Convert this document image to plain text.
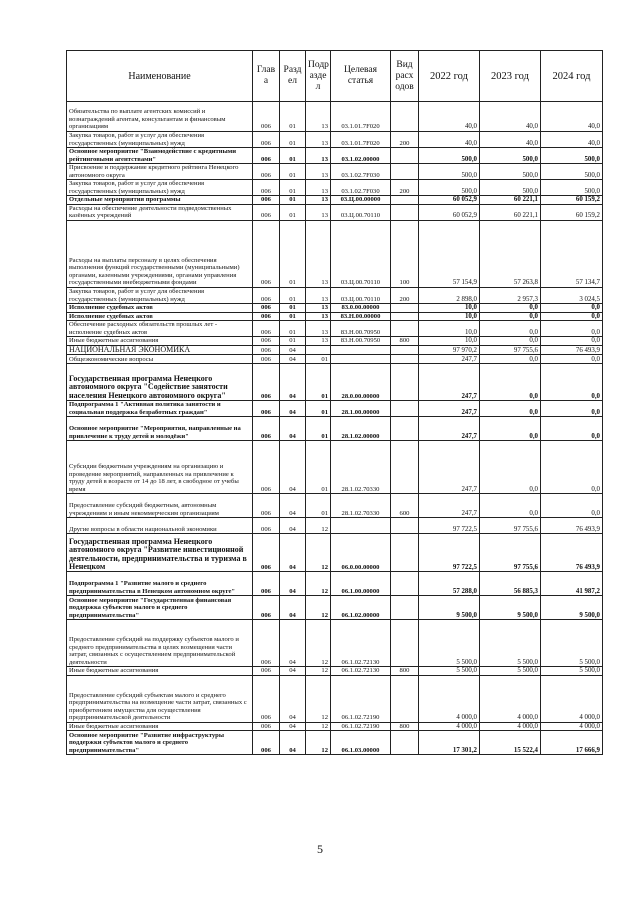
Наименование	Глав а	Разд ел	Подр азде л	Целевая статья	Вид расх одов	2022 год	2023 год	2024 год
Обязательства по выплате агентских комиссий и вознаграждений агентам, консультантам и финансовым организациям	006	01	13	03.1.01.7F020		40,0	40,0	40,0
Закупка товаров, работ и услуг для обеспечения государственных (муниципальных) нужд	006	01	13	03.1.01.7F020	200	40,0	40,0	40,0
Основное мероприятие "Взаимодействие с кредитными рейтинговыми агентствами"	006	01	13	03.1.02.00000		500,0	500,0	500,0
Присвоение и поддержание кредитного рейтинга Ненецкого автономного округа	006	01	13	03.1.02.7F030		500,0	500,0	500,0
Закупка товаров, работ и услуг для обеспечения государственных (муниципальных) нужд	006	01	13	03.1.02.7F030	200	500,0	500,0	500,0
Отдельные мероприятия программы	006	01	13	03.Ц.00.00000		60 052,9	60 221,1	60 159,2
Расходы на обеспечение деятельности подведомственных казённых учреждений	006	01	13	03.Ц.00.70110		60 052,9	60 221,1	60 159,2
Расходы на выплаты персоналу в целях обеспечения выполнения функций государственными (муниципальными) органами, казенными учреждениями, органами управления государственными внебюджетными фондами	006	01	13	03.Ц.00.70110	100	57 154,9	57 263,8	57 134,7
Закупка товаров, работ и услуг для обеспечения государственных (муниципальных) нужд	006	01	13	03.Ц.00.70110	200	2 898,0	2 957,3	3 024,5
Исполнение судебных актов	006	01	13	83.0.00.00000		10,0	0,0	0,0
Исполнение судебных актов	006	01	13	83.Н.00.00000		10,0	0,0	0,0
Обеспечение расходных обязательств прошлых лет - исполнение судебных актов	006	01	13	83.Н.00.70950		10,0	0,0	0,0
Иные бюджетные ассигнования	006	01	13	83.Н.00.70950	800	10,0	0,0	0,0
НАЦИОНАЛЬНАЯ ЭКОНОМИКА	006	04				97 970,2	97 755,6	76 493,9
Общеэкономические вопросы	006	04	01			247,7	0,0	0,0
Государственная программа Ненецкого автономного округа "Содействие занятости населения Ненецкого автономного округа"	006	04	01	28.0.00.00000		247,7	0,0	0,0
Подпрограмма 1 "Активная политика занятости и социальная поддержка безработных граждан"	006	04	01	28.1.00.00000		247,7	0,0	0,0
Основное мероприятие "Мероприятия, направленные на привлечение к труду детей и молодёжи"	006	04	01	28.1.02.00000		247,7	0,0	0,0
Субсидии бюджетным учреждениям на организацию и проведение мероприятий, направленных на привлечение к труду детей в возрасте от 14 до 18 лет, в свободное от учебы время	006	04	01	28.1.02.70330		247,7	0,0	0,0
Предоставление субсидий бюджетным, автономным учреждениям и иным некоммерческим организациям	006	04	01	28.1.02.70330	600	247,7	0,0	0,0
Другие вопросы в области национальной экономики	006	04	12			97 722,5	97 755,6	76 493,9
Государственная программа Ненецкого автономного округа "Развитие инвестиционной деятельности, предпринимательства и туризма в Ненецком	006	04	12	06.0.00.00000		97 722,5	97 755,6	76 493,9
Подпрограмма 1 "Развитие малого и среднего предпринимательства в Ненецком автономном округе"	006	04	12	06.1.00.00000		57 288,0	56 885,3	41 987,2
Основное мероприятие "Государственная финансовая поддержка субъектов малого и среднего предпринимательства"	006	04	12	06.1.02.00000		9 500,0	9 500,0	9 500,0
Предоставление субсидий на поддержку субъектов малого и среднего предпринимательства в целях возмещения части затрат, связанных с осуществлением предпринимательской деятельности	006	04	12	06.1.02.72130		5 500,0	5 500,0	5 500,0
Иные бюджетные ассигнования	006	04	12	06.1.02.72130	800	5 500,0	5 500,0	5 500,0
Предоставление субсидий субъектам малого и среднего предпринимательства на возмещение части затрат, связанных с приобретением имущества для осуществления предпринимательской деятельности	006	04	12	06.1.02.72190		4 000,0	4 000,0	4 000,0
Иные бюджетные ассигнования	006	04	12	06.1.02.72190	800	4 000,0	4 000,0	4 000,0
Основное мероприятие "Развитие инфраструктуры поддержки субъектов малого и среднего предпринимательства"	006	04	12	06.1.03.00000		17 301,2	15 522,4	17 666,9
5
